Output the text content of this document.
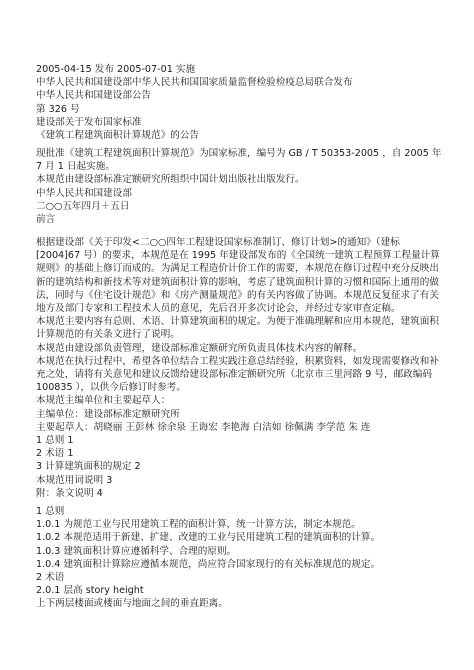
2005-04-15 发布 2005-07-01 实施
中华人民共和国建设部中华人民共和国国家质量监督检验检疫总局联合发布
中华人民共和国建设部公告
第 326 号
建设部关于发布国家标准
《建筑工程建筑面积计算规范》的公告
现批准《建筑工程建筑面积计算规范》为国家标准，编号为 GB / T 50353-2005 ，自 2005 年 7 月 1 日起实施。
本规范由建设部标准定额研究所组织中国计划出版社出版发行。
中华人民共和国建设部
二○○五年四月＋五日
前言
根据建设部《关于印发<二○○四年工程建设国家标准制订、修订计划>的通知》（建标 [2004]67 号）的要求，本规范是在 1995 年建设部发布的《全国统一建筑工程预算工程量计算规则》的基础上修订而成的。为满足工程造价计价工作的需要，本规范在修订过程中充分反映出新的建筑结构和新技术等对建筑面积计算的影响，考虑了建筑面积计算的习惯和国际上通用的做法，同时与《住宅设计规范》和《房产测量规范》的有关内容做了协调。本规范反复征求了有关地方及部门专家和工程技术人员的意见，先后召开多次讨论会，并经过专家审查定稿。
本规范主要内容有总则、术语、计算建筑面积的规定。为便于准确理解和应用本规范，建筑面积计算规范的有关条文进行了说明。
本规范由建设部负责管理，建设部标准定额研究所负责具体技术内容的解释。
本规范在执行过程中，希望各单位结合工程实践注意总结经验，积累资料，如发现需要修改和补充之处，请将有关意见和建议反馈给建设部标准定额研究所（北京市三里河路 9 号，邮政编码 100835 ），以供今后修订时参考。
本规范主编单位和主要起草人：
主编单位：建设部标准定额研究所
主要起草人：胡晓丽 王彭林 徐余泉 王诲宏 李艳海 白洁如 徐佩满 李学范 朱 连
1 总则 1
2 术语 1
3 计算建筑面积的规定 2
本规范用词说明 3
附：条文说明 4
1 总则
1.0.1 为规范工业与民用建筑工程的面积计算，统一计算方法，制定本规范。
1.0.2 本规范适用于新建、扩建、改建的工业与民用建筑工程的建筑面积的计算。
1.0.3 建筑面积计算应遵循科学、合理的原则。
1.0.4 建筑面积计算除应遵循本规范，尚应符合国家现行的有关标准规范的规定。
2 术语
2.0.1 层高 story height
上下两层楼面或楼面与地面之间的垂直距离。
